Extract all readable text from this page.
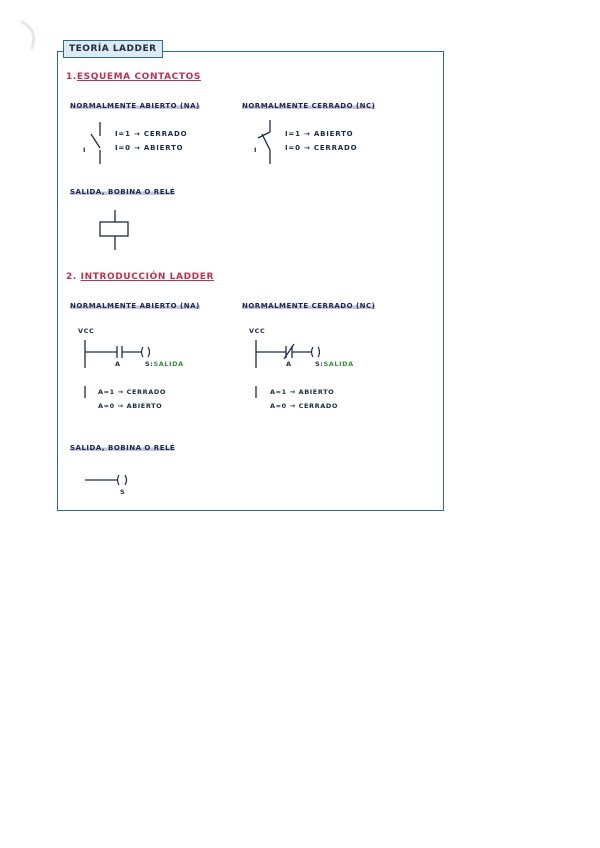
TEORÍA LADDER
1.ESQUEMA CONTACTOS
NORMALMENTE ABIERTO (NA)	NORMALMENTE CERRADO (NC)
I
I=1 → CERRADO
I=0 → ABIERTO	I
I=1 → ABIERTO
I=0 → CERRADO
SALIDA, BOBINA O RELÉ
2. INTRODUCCIÓN LADDER
NORMALMENTE ABIERTO (NA)	NORMALMENTE CERRADO (NC)
VCC
A	S:SALIDA
A=1 → CERRADO
A=0 → ABIERTO
VCC
A	S:SALIDA
A=1 → ABIERTO
A=0 → CERRADO
SALIDA, BOBINA O RELÉ
S
